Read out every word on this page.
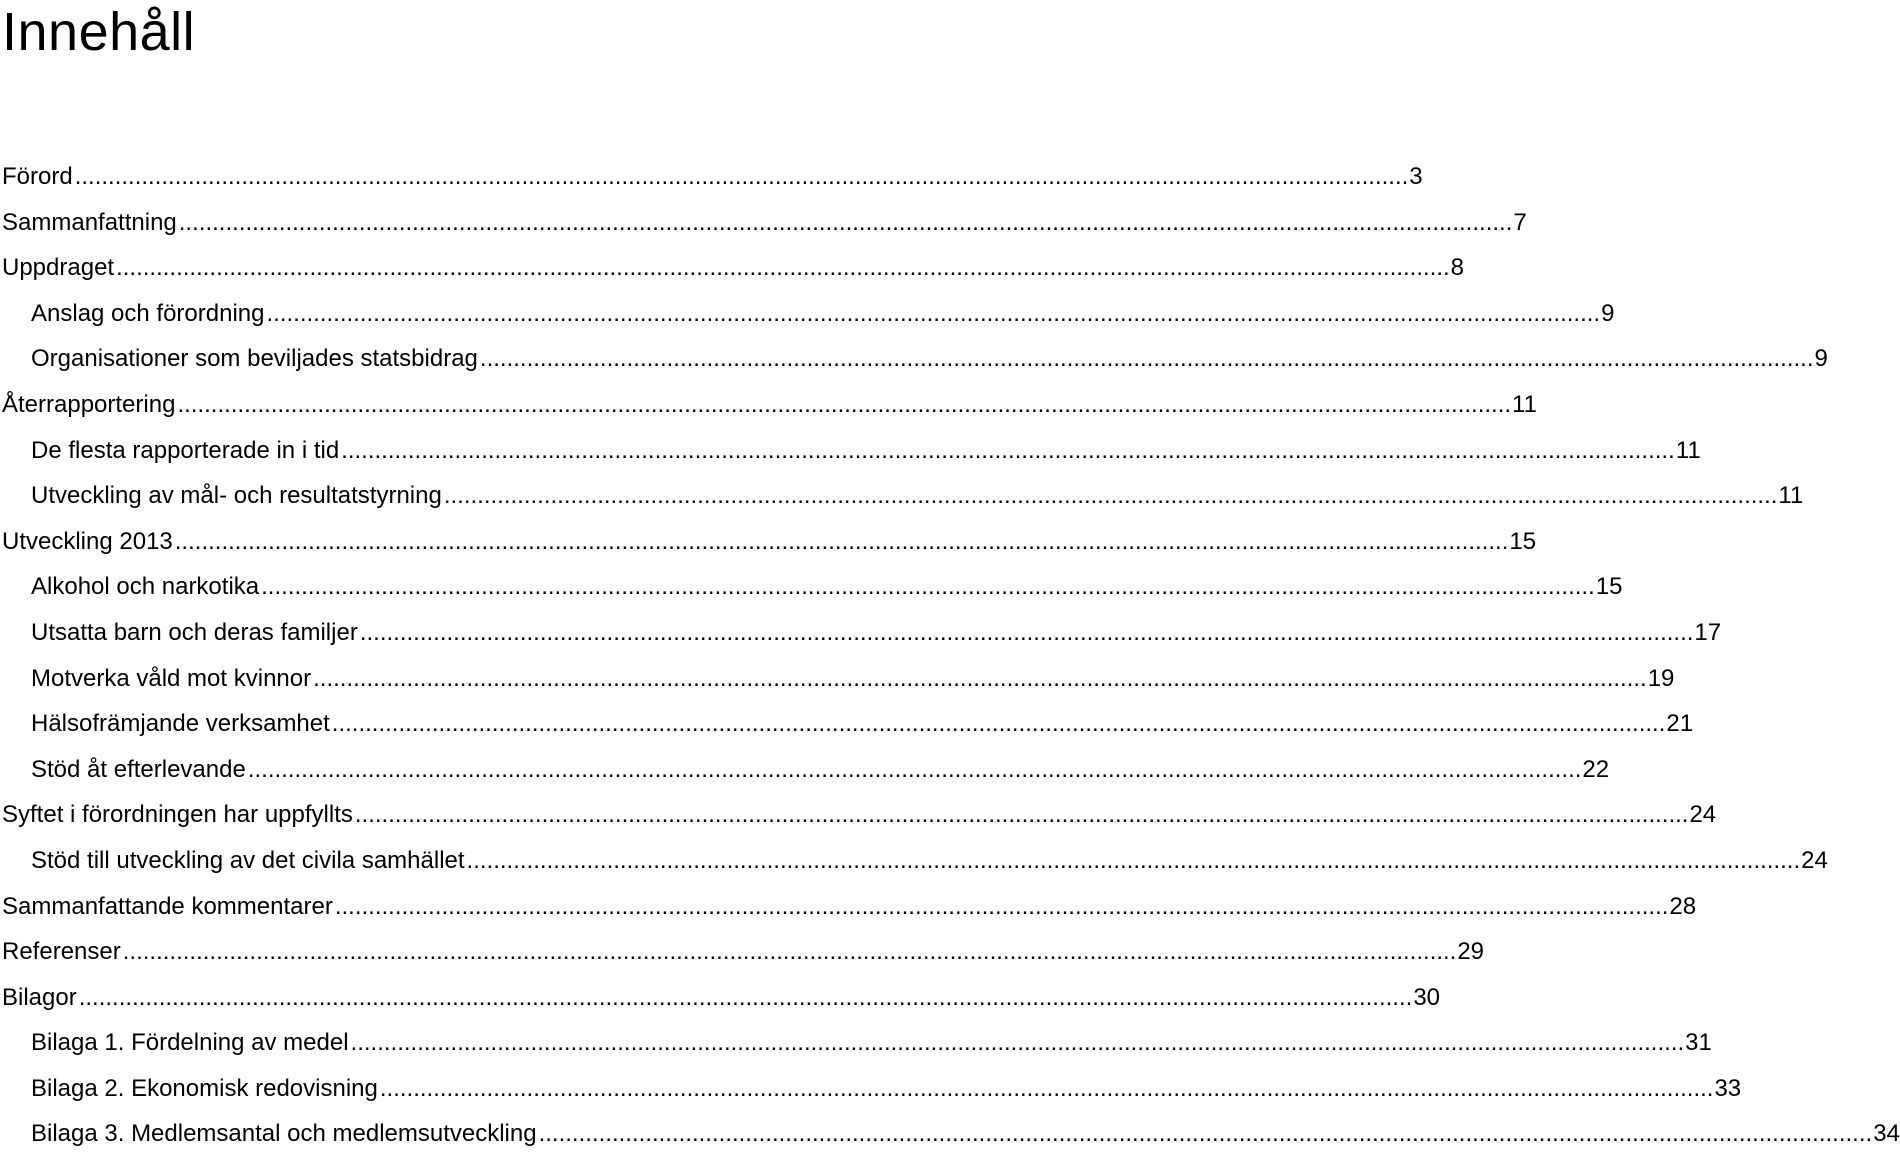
Innehåll
Förord ........................................................................................................................................................................................................ 3
Sammanfattning ........................................................................................................................................................................................................ 7
Uppdraget ........................................................................................................................................................................................................ 8
Anslag och förordning ........................................................................................................................................................................................................ 9
Organisationer som beviljades statsbidrag ........................................................................................................................................................................................................ 9
Återrapportering ........................................................................................................................................................................................................ 11
De flesta rapporterade in i tid ........................................................................................................................................................................................................ 11
Utveckling av mål- och resultatstyrning ........................................................................................................................................................................................................ 11
Utveckling 2013 ........................................................................................................................................................................................................ 15
Alkohol och narkotika ........................................................................................................................................................................................................ 15
Utsatta barn och deras familjer ........................................................................................................................................................................................................ 17
Motverka våld mot kvinnor ........................................................................................................................................................................................................ 19
Hälsofrämjande verksamhet ........................................................................................................................................................................................................ 21
Stöd åt efterlevande ........................................................................................................................................................................................................ 22
Syftet i förordningen har uppfyllts ........................................................................................................................................................................................................ 24
Stöd till utveckling av det civila samhället ........................................................................................................................................................................................................ 24
Sammanfattande kommentarer ........................................................................................................................................................................................................ 28
Referenser ........................................................................................................................................................................................................ 29
Bilagor ........................................................................................................................................................................................................ 30
Bilaga 1. Fördelning av medel ........................................................................................................................................................................................................ 31
Bilaga 2. Ekonomisk redovisning ........................................................................................................................................................................................................ 33
Bilaga 3. Medlemsantal och medlemsutveckling ........................................................................................................................................................................................................ 34
